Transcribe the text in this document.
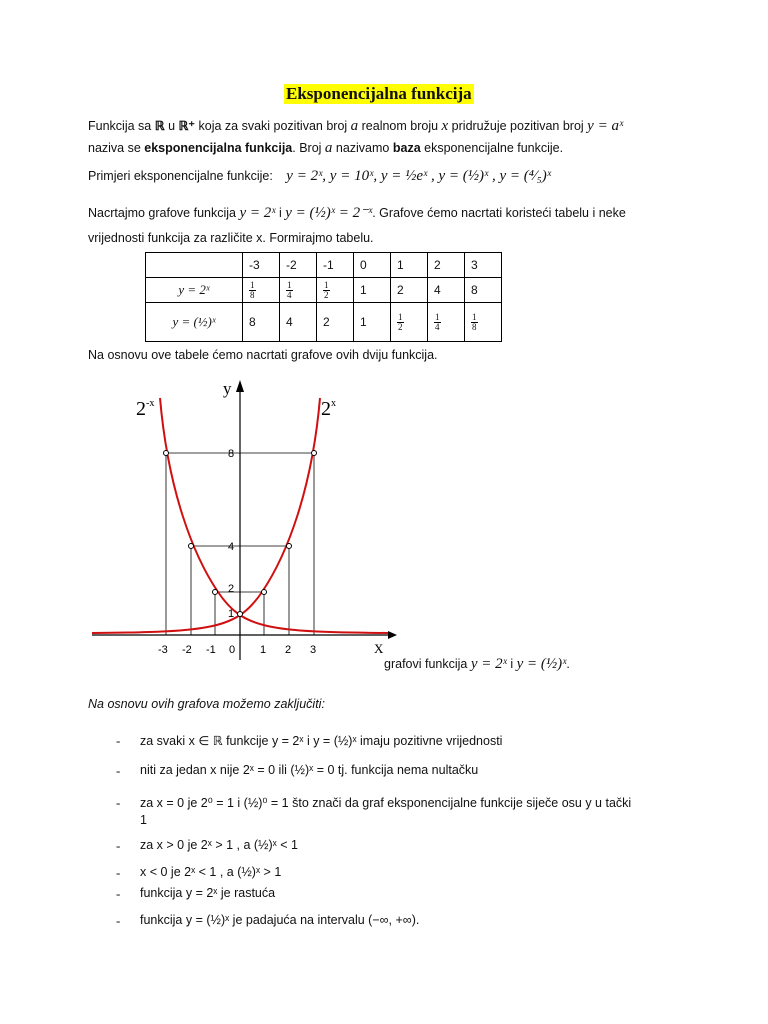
Eksponencijalna funkcija
Funkcija sa ℝ u ℝ⁺ koja za svaki pozitivan broj a realnom broju x pridružuje pozitivan broj y = aˣ
naziva se eksponencijalna funkcija. Broj a nazivamo baza eksponencijalne funkcije.
Primjeri eksponencijalne funkcije: y = 2ˣ, y = 10ˣ, y = ½eˣ , y = (½)ˣ , y = (⁴⁄₅)ˣ
Nacrtajmo grafove funkcija y = 2ˣ i y = (½)ˣ = 2⁻ˣ. Grafove ćemo nacrtati koristeći tabelu i neke
vrijednosti funkcija za različite x. Formirajmo tabelu.
	-3	-2	-1	0	1	2	3
y = 2ˣ	$\frac{1}{8}$	$\frac{1}{4}$	$\frac{1}{2}$	1	2	4	8
y = (½)ˣ	8	4	2	1	$\frac{1}{2}$	$\frac{1}{4}$	$\frac{1}{8}$
Na osnovu ove tabele ćemo nacrtati grafove ovih dviju funkcija.
y
X
$2^{-x}$	2$^x$
-3 -2 -1 0 1 2 3
1
2
4
8
grafovi funkcija y = 2ˣ i y = (½)ˣ.
Na osnovu ovih grafova možemo zaključiti:
- za svaki x ∈ ℝ funkcije y = 2ˣ i y = (½)ˣ imaju pozitivne vrijednosti
- niti za jedan x nije 2ˣ = 0 ili (½)ˣ = 0 tj. funkcija nema nultačku
- za x = 0 je 2⁰ = 1 i (½)⁰ = 1 što znači da graf eksponencijalne funkcije siječe osu y u tački
1
- za x > 0 je 2ˣ > 1 , a (½)ˣ < 1
- x < 0 je 2ˣ < 1 , a (½)ˣ > 1
- funkcija y = 2ˣ je rastuća
- funkcija y = (½)ˣ je padajuća na intervalu (−∞, +∞).
